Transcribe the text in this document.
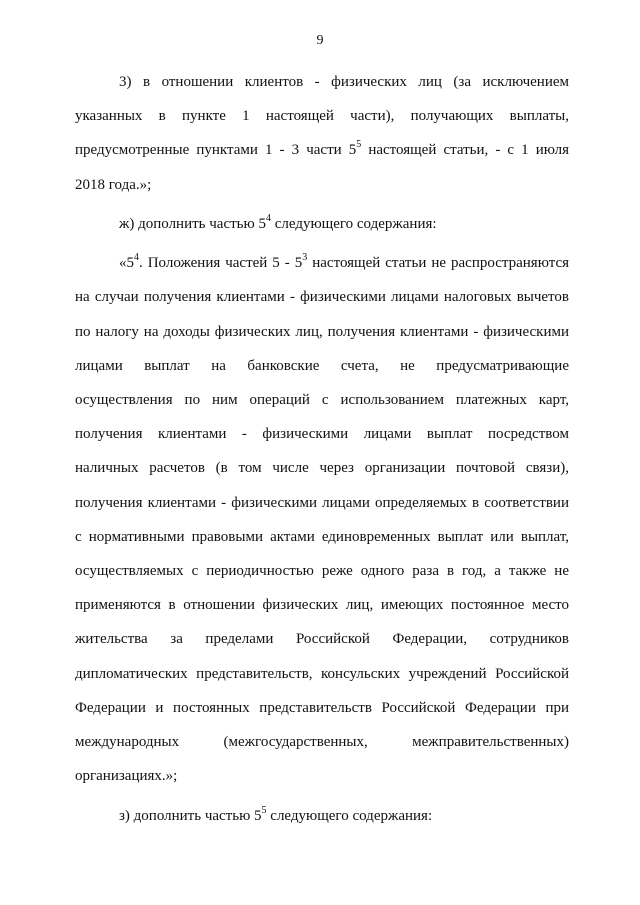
9

3) в отношении клиентов - физических лиц (за исключением
указанных в пункте 1 настоящей части), получающих выплаты,
предусмотренные пунктами 1 - 3 части $5^5$ настоящей статьи, - с 1 июля
2018 года.»;

ж) дополнить частью $5^4$ следующего содержания:

«$5^4$. Положения частей $5 - 5^3$ настоящей статьи не распространяются
на случаи получения клиентами - физическими лицами налоговых вычетов
по налогу на доходы физических лиц, получения клиентами - физическими
лицами выплат на банковские счета, не предусматривающие
осуществления по ним операций с использованием платежных карт,
получения клиентами - физическими лицами выплат посредством
наличных расчетов (в том числе через организации почтовой связи),
получения клиентами - физическими лицами определяемых в соответствии
с нормативными правовыми актами единовременных выплат или выплат,
осуществляемых с периодичностью реже одного раза в год, а также не
применяются в отношении физических лиц, имеющих постоянное место
жительства за пределами Российской Федерации, сотрудников
дипломатических представительств, консульских учреждений Российской
Федерации и постоянных представительств Российской Федерации при
международных (межгосударственных, межправительственных)
организациях.»;

з) дополнить частью $5^5$ следующего содержания:
